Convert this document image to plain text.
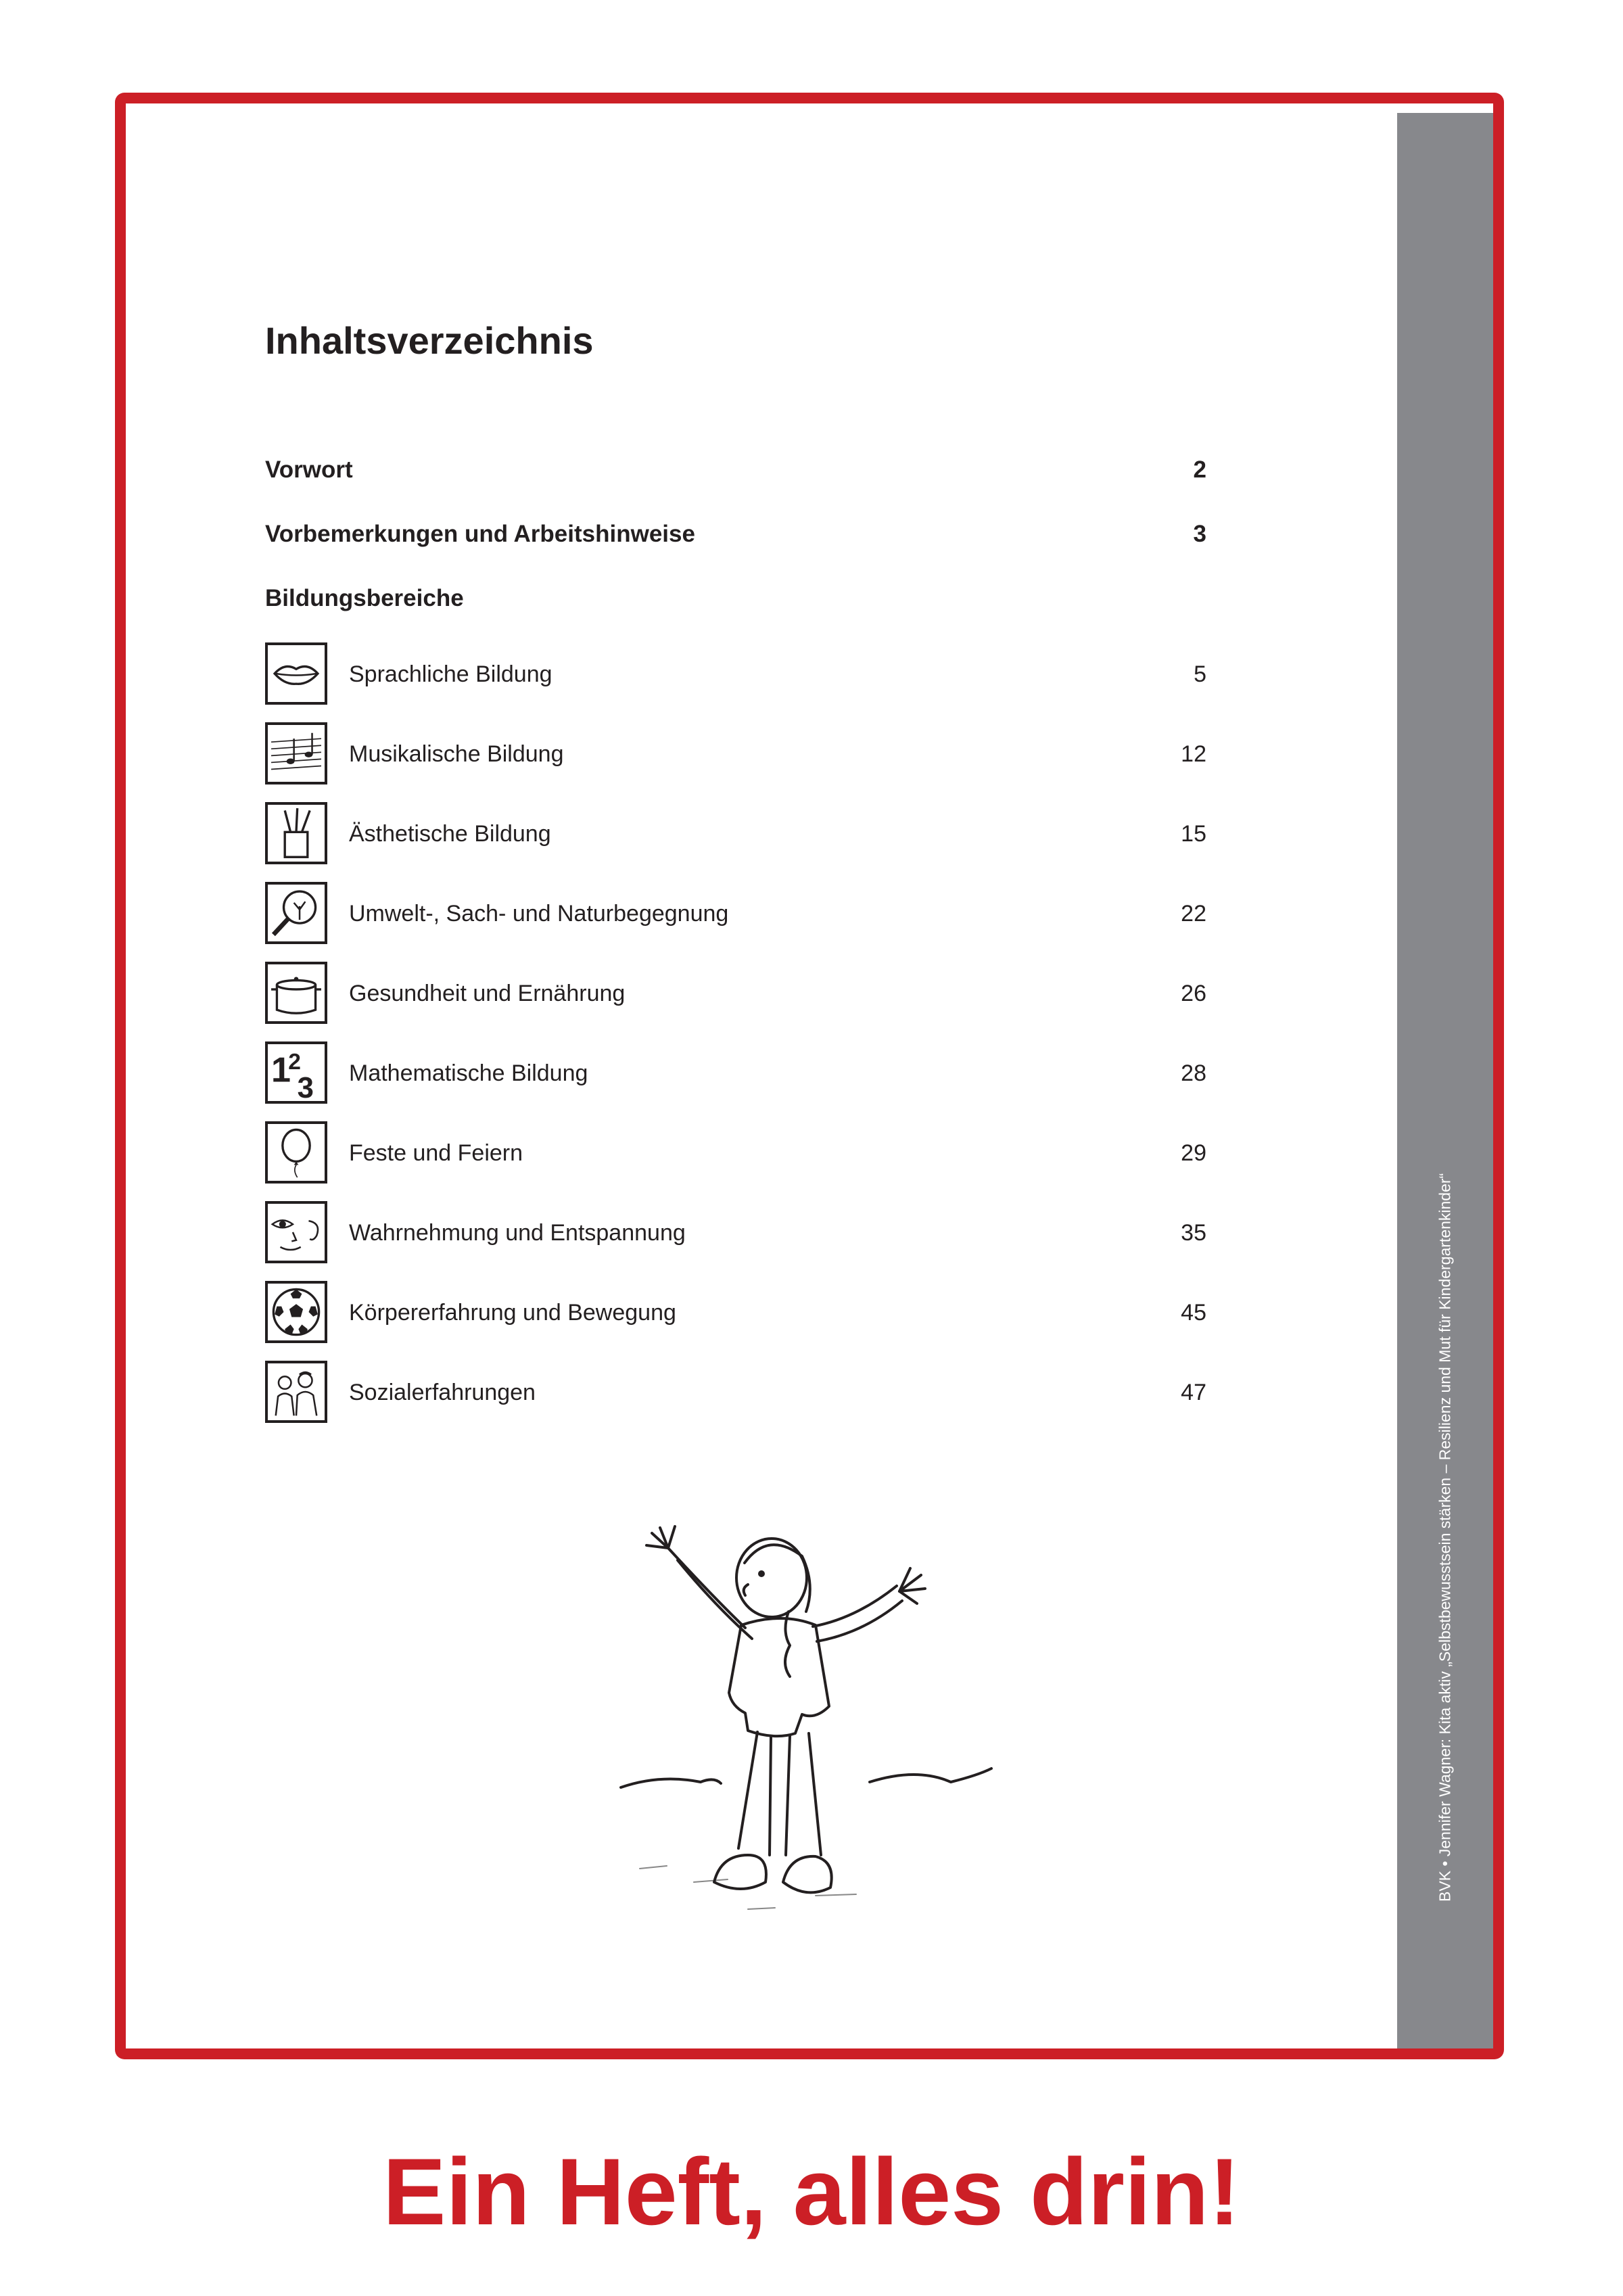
Inhaltsverzeichnis
Vorwort	2
Vorbemerkungen und Arbeitshinweise	3
Bildungsbereiche
Sprachliche Bildung	5
Musikalische Bildung	12
Ästhetische Bildung	15
Umwelt-, Sach- und Naturbegegnung	22
Gesundheit und Ernährung	26
1
2
3 Mathematische Bildung	28
Feste und Feiern	29
Wahrnehmung und Entspannung	35
Körpererfahrung und Bewegung	45
Sozialerfahrungen	47	BVK • Jennifer Wagner: Kita aktiv „Selbstbewusstsein stärken – Resilienz und Mut für Kindergartenkinder“
Ein Heft, alles drin!
